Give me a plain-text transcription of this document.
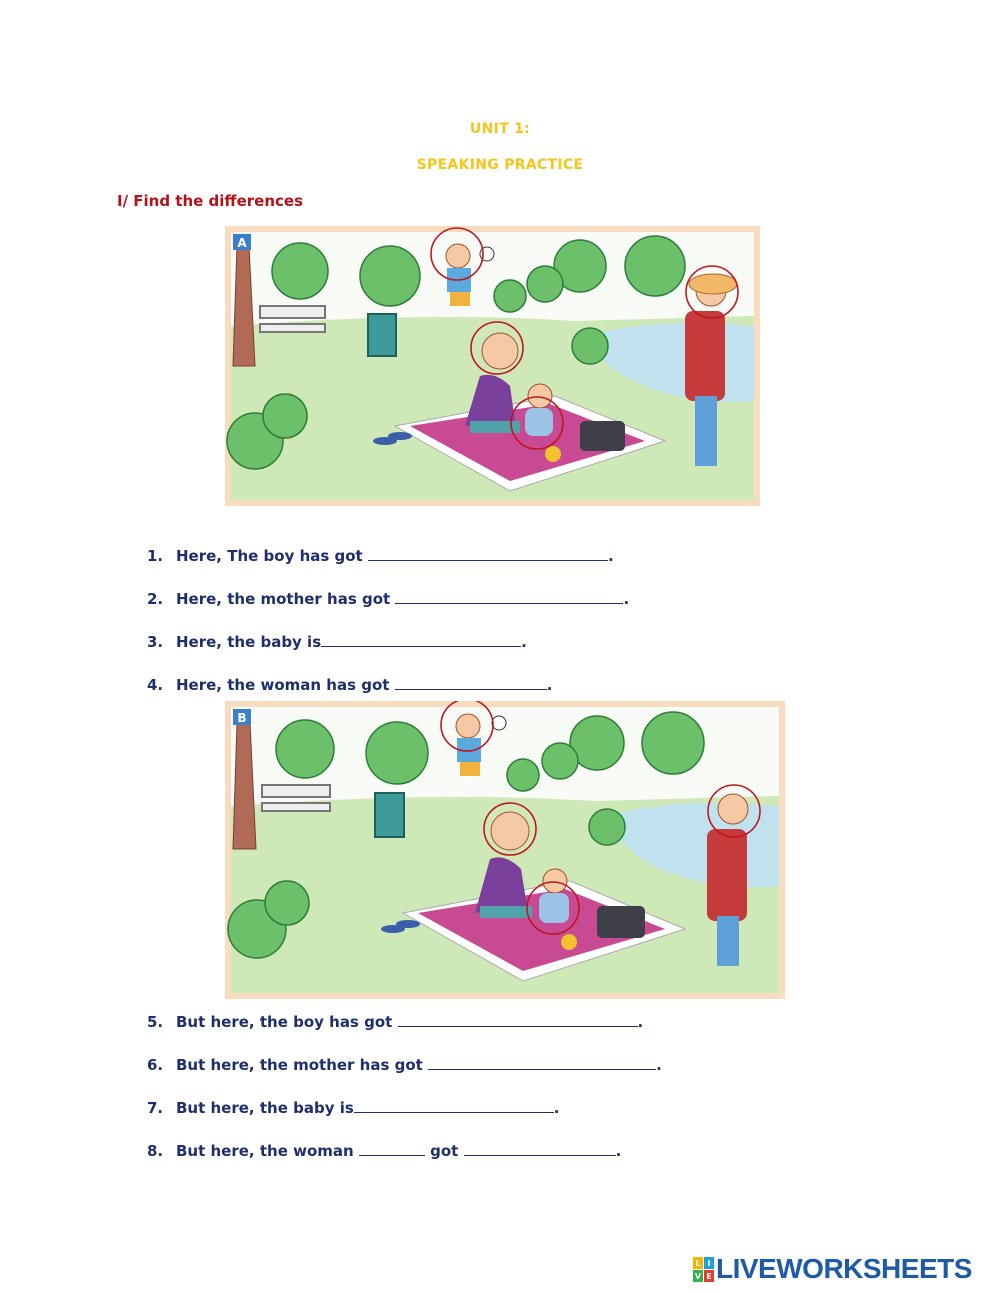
UNIT 1:
SPEAKING PRACTICE
I/ Find the differences
A
1. Here, The boy has got	.
2. Here, the mother has got	.
3. Here, the baby is	.
4. Here, the woman has got	.
B
5. But here, the boy has got	.
6. But here, the mother has got	.
7. But here, the baby is	.
8. But here, the woman	got	.
L I
V E LIVEWORKSHEETS
